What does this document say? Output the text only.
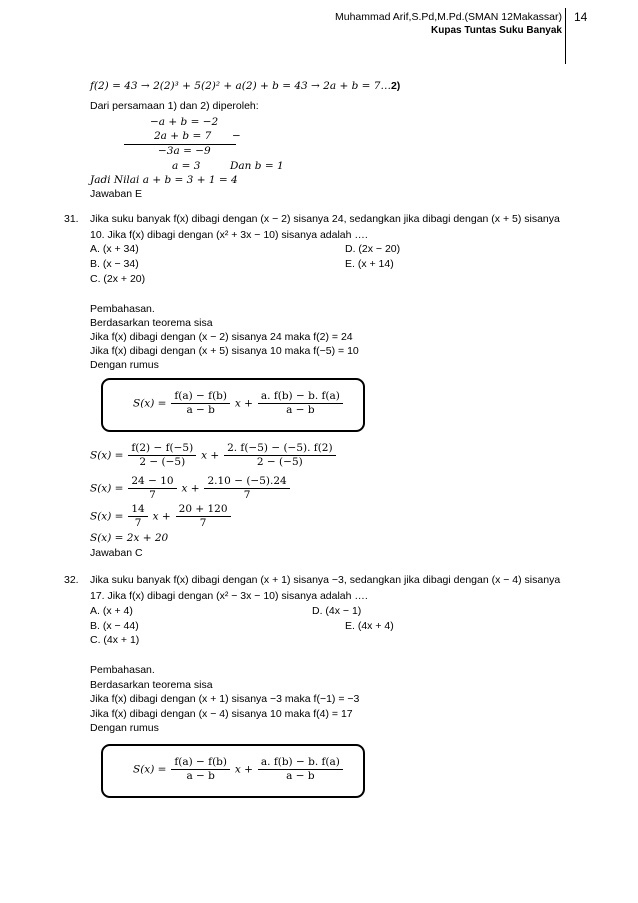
Muhammad Arif,S.Pd,M.Pd.(SMAN 12Makassar)
Kupas Tuntas Suku Banyak
14
f(2) = 43 → 2(2)³ + 5(2)² + a(2) + b = 43 → 2a + b = 7…2)
Dari persamaan 1) dan 2) diperoleh:
−a + b = −2
2a + b = 7 −
−3a = −9
a = 3	Dan b = 1
Jadi Nilai a + b = 3 + 1 = 4
Jawaban E
31. Jika suku banyak f(x) dibagi dengan (x − 2) sisanya 24, sedangkan jika dibagi dengan (x + 5) sisanya
10. Jika f(x) dibagi dengan (x² + 3x − 10) sisanya adalah ….
A. (x + 34)	D. (2x − 20)
B. (x − 34)	E. (x + 14)
C. (2x + 20)
Pembahasan.
Berdasarkan teorema sisa
Jika f(x) dibagi dengan (x − 2) sisanya 24 maka f(2) = 24
Jika f(x) dibagi dengan (x + 5) sisanya 10 maka f(−5) = 10
Dengan rumus
$S(x) = \frac{f(a) - f(b)}{a - b}$ $x + \frac{a. f(b) - b. f(a)}{a - b}$
$S(x) = \frac{f(2) - f(-5)}{2 - (-5)}$ $x + \frac{2. f(-5) - (-5). f(2)}{2 - (-5)}$
$S(x) = \frac{24 - 10}{7}$ $x + \frac{2.10 - (-5).24}{7}$
$S(x) = \frac{14}{7}$ $x + \frac{20 + 120}{7}$
S(x) = 2x + 20
Jawaban C
32. Jika suku banyak f(x) dibagi dengan (x + 1) sisanya −3, sedangkan jika dibagi dengan (x − 4) sisanya
17. Jika f(x) dibagi dengan (x² − 3x − 10) sisanya adalah ….
A. (x + 4)	D. (4x − 1)
B. (x − 44)	E. (4x + 4)
C. (4x + 1)
Pembahasan.
Berdasarkan teorema sisa
Jika f(x) dibagi dengan (x + 1) sisanya −3 maka f(−1) = −3
Jika f(x) dibagi dengan (x − 4) sisanya 10 maka f(4) = 17
Dengan rumus
$S(x) = \frac{f(a) - f(b)}{a - b}$ $x + \frac{a. f(b) - b. f(a)}{a - b}$
